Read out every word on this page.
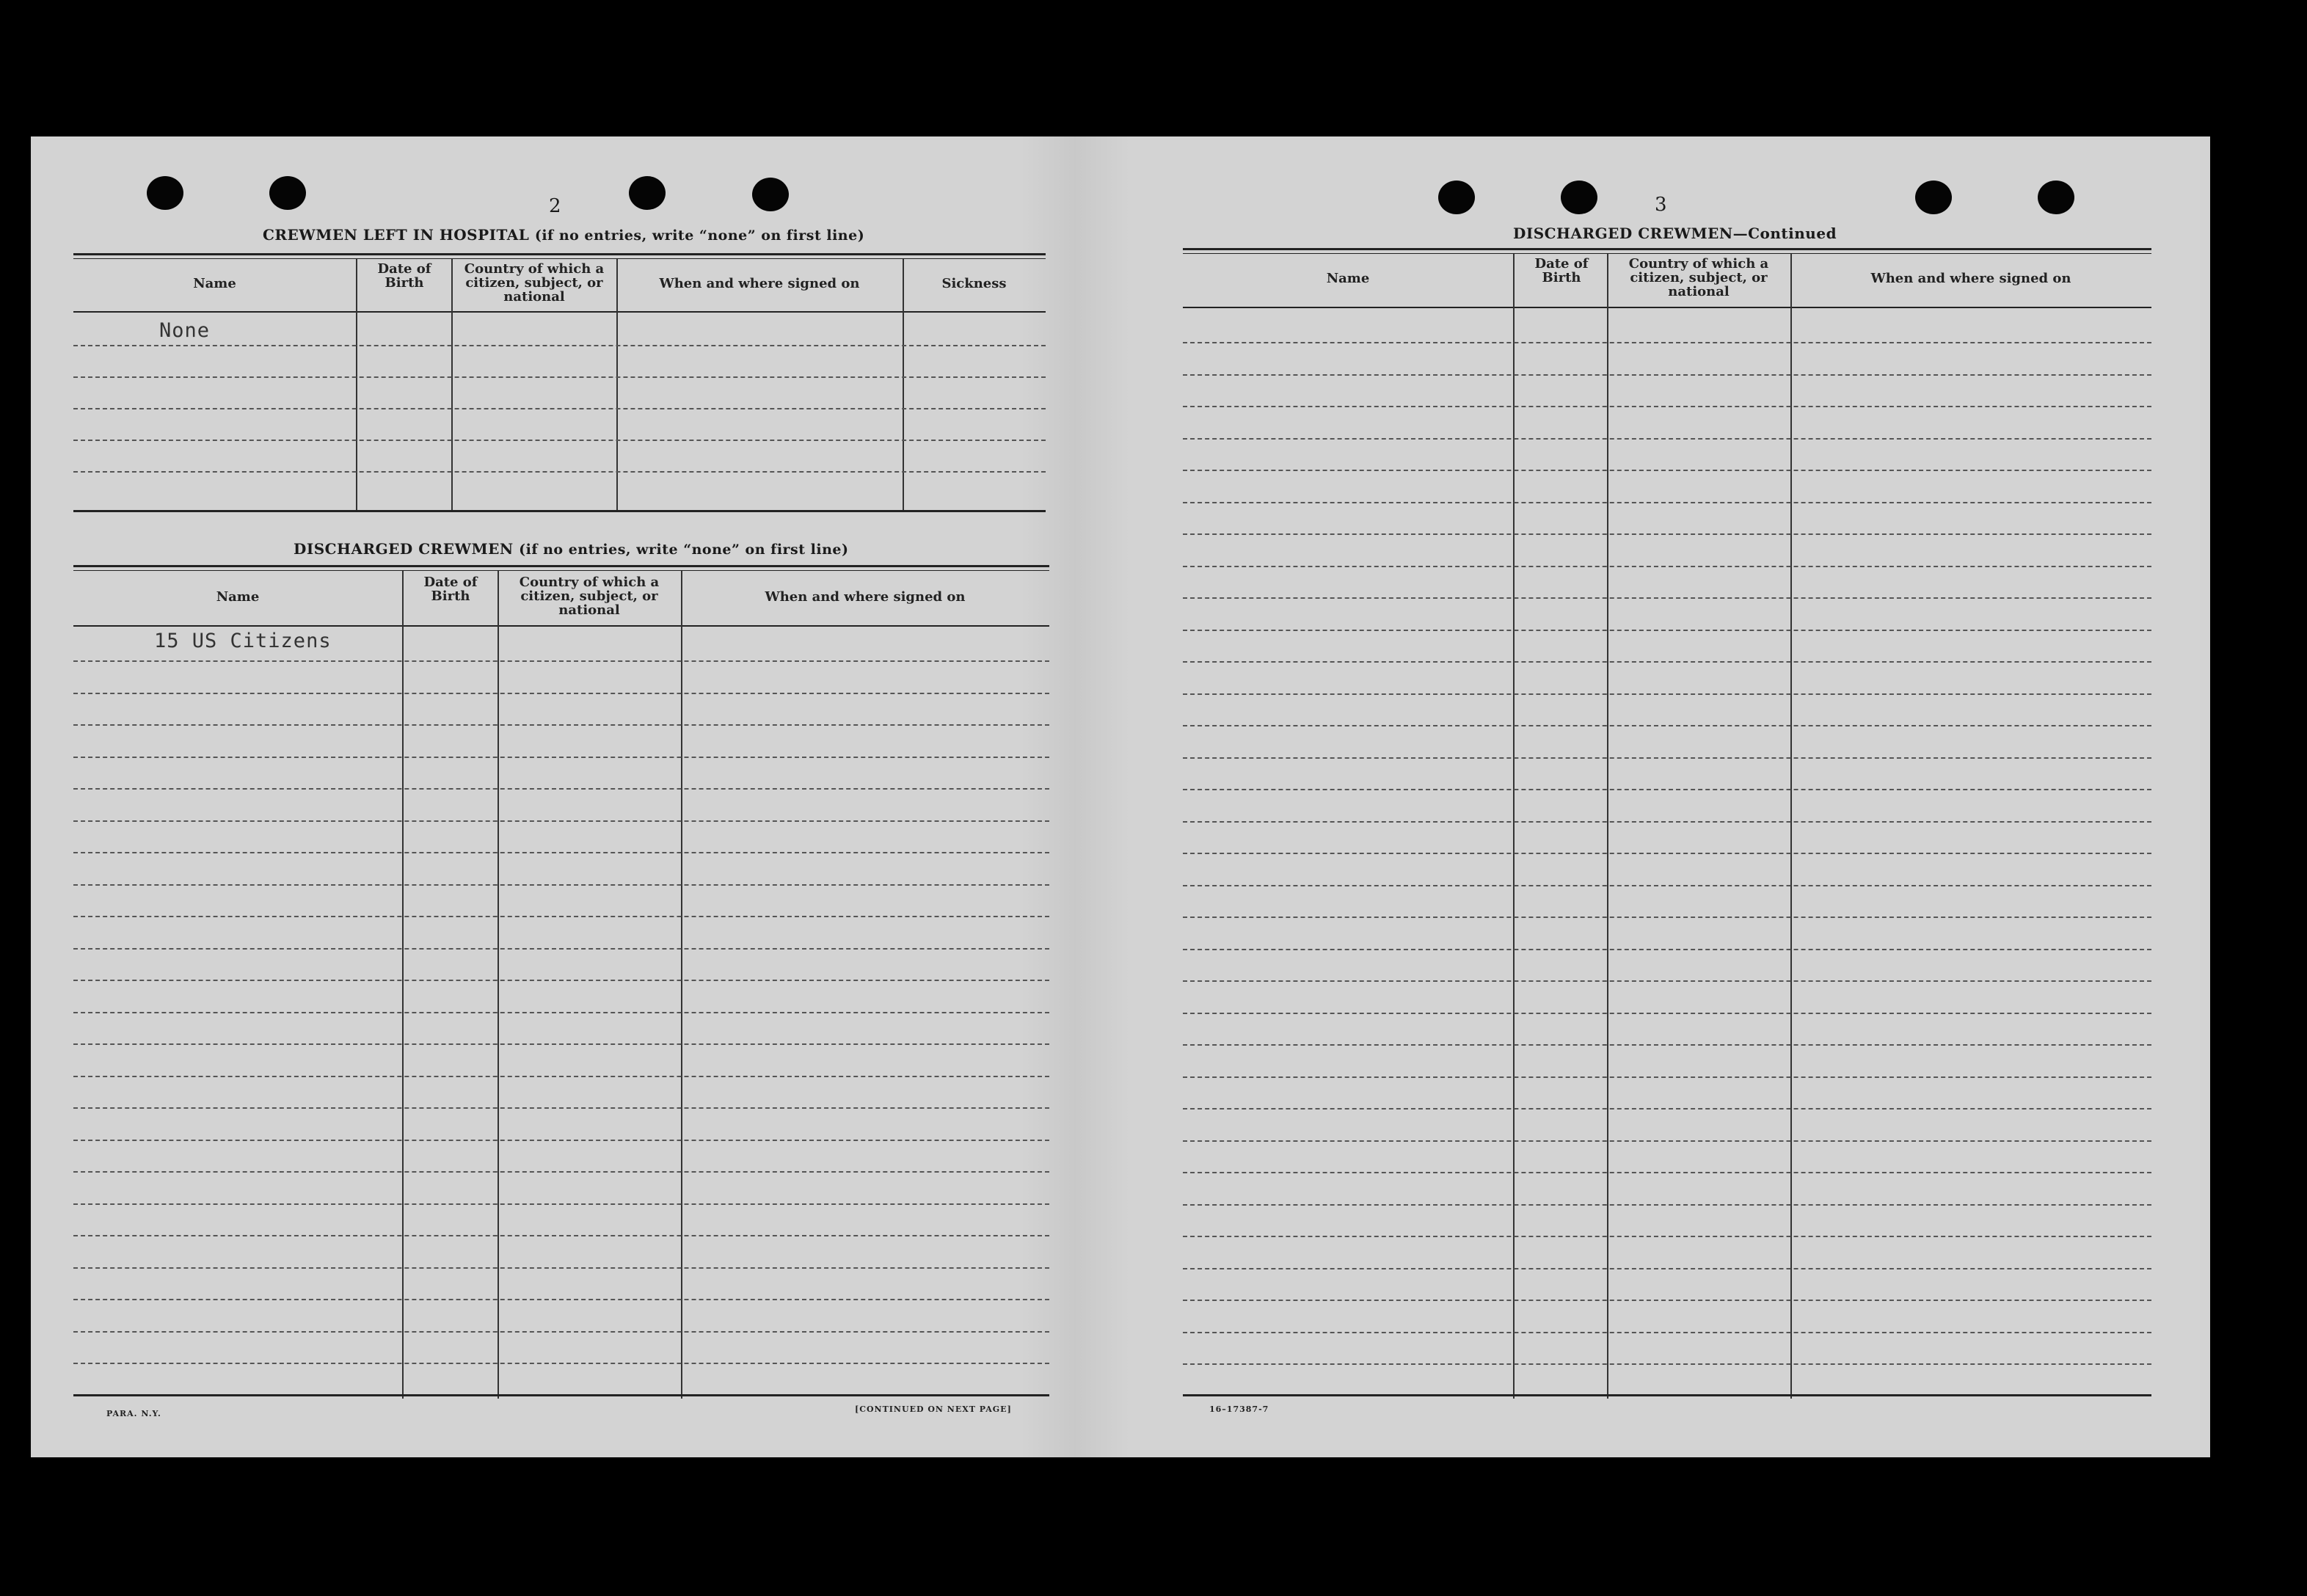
2
CREWMEN LEFT IN HOSPITAL (if no entries, write “none” on first line)
Name
Date of Birth
Country of which a citizen, subject, or national
When and where signed on	Sickness
None
DISCHARGED CREWMEN (if no entries, write “none” on first line)
Name
Date of Birth
Country of which a citizen, subject, or national
When and where signed on
15 US Citizens
PARA. N.Y.	[CONTINUED ON NEXT PAGE]
3
DISCHARGED CREWMEN—Continued
Name
Date of Birth
Country of which a citizen, subject, or national
When and where signed on
16–17387-7
